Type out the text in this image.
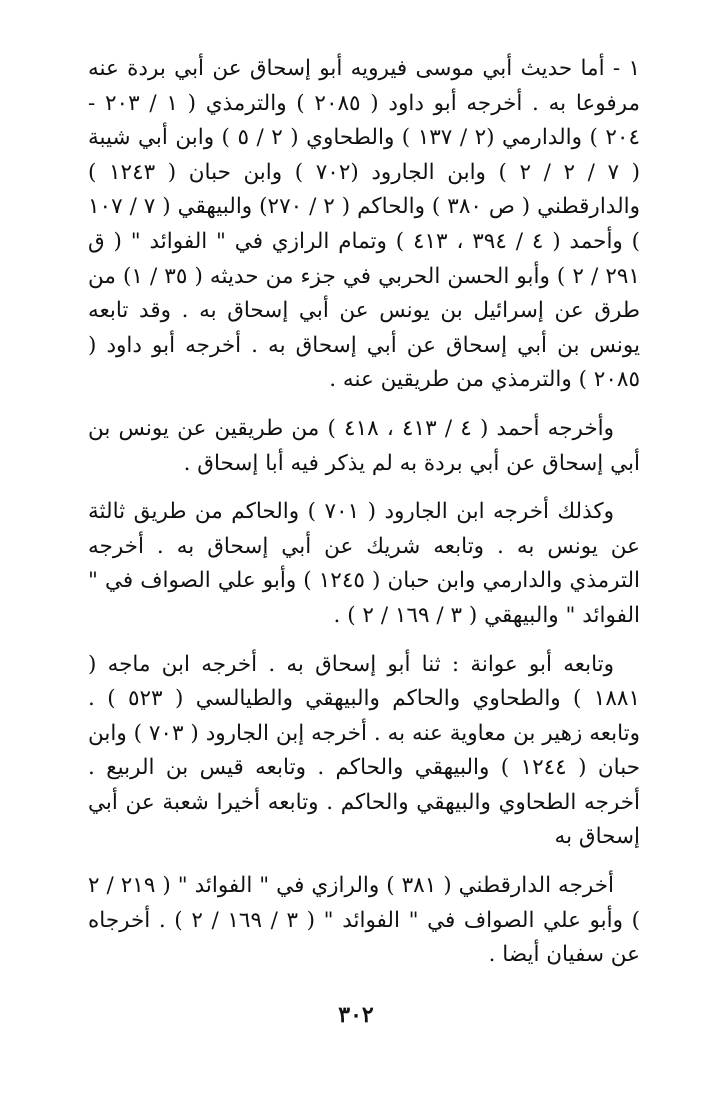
١ - أما حديث أبي موسى فيرويه أبو إسحاق عن أبي بردة عنه مرفوعا به . أخرجه أبو داود ( ٢٠٨٥ ) والترمذي ( ١ / ٢٠٣ - ٢٠٤ ) والدارمي (٢ / ١٣٧ ) والطحاوي ( ٢ / ٥ ) وابن أبي شيبة ( ٧ / ٢ / ٢ ) وابن الجارود (٧٠٢ ) وابن حبان ( ١٢٤٣ ) والدارقطني ( ص ٣٨٠ ) والحاكم ( ٢ / ٢٧٠) والبيهقي ( ٧ / ١٠٧ ) وأحمد ( ٤ / ٣٩٤ ، ٤١٣ ) وتمام الرازي في " الفوائد " ( ق ٢٩١ / ٢ ) وأبو الحسن الحربي في جزء من حديثه ( ٣٥ / ١) من طرق عن إسرائيل بن يونس عن أبي إسحاق به . وقد تابعه يونس بن أبي إسحاق عن أبي إسحاق به . أخرجه أبو داود ( ٢٠٨٥ ) والترمذي من طريقين عنه .

وأخرجه أحمد ( ٤ / ٤١٣ ، ٤١٨ ) من طريقين عن يونس بن أبي إسحاق عن أبي بردة به لم يذكر فيه أبا إسحاق .

وكذلك أخرجه ابن الجارود ( ٧٠١ ) والحاكم من طريق ثالثة عن يونس به . وتابعه شريك عن أبي إسحاق به . أخرجه الترمذي والدارمي وابن حبان ( ١٢٤٥ ) وأبو علي الصواف في " الفوائد " والبيهقي ( ٣ / ١٦٩ / ٢ ) .

وتابعه أبو عوانة : ثنا أبو إسحاق به . أخرجه ابن ماجه ( ١٨٨١ ) والطحاوي والحاكم والبيهقي والطيالسي ( ٥٢٣ ) . وتابعه زهير بن معاوية عنه به . أخرجه إبن الجارود ( ٧٠٣ ) وابن حبان ( ١٢٤٤ ) والبيهقي والحاكم . وتابعه قيس بن الربيع . أخرجه الطحاوي والبيهقي والحاكم . وتابعه أخيرا شعبة عن أبي إسحاق به

أخرجه الدارقطني ( ٣٨١ ) والرازي في " الفوائد " ( ٢١٩ / ٢ ) وأبو علي الصواف في " الفوائد " ( ٣ / ١٦٩ / ٢ ) . أخرجاه عن سفيان أيضا .

٣٠٢
